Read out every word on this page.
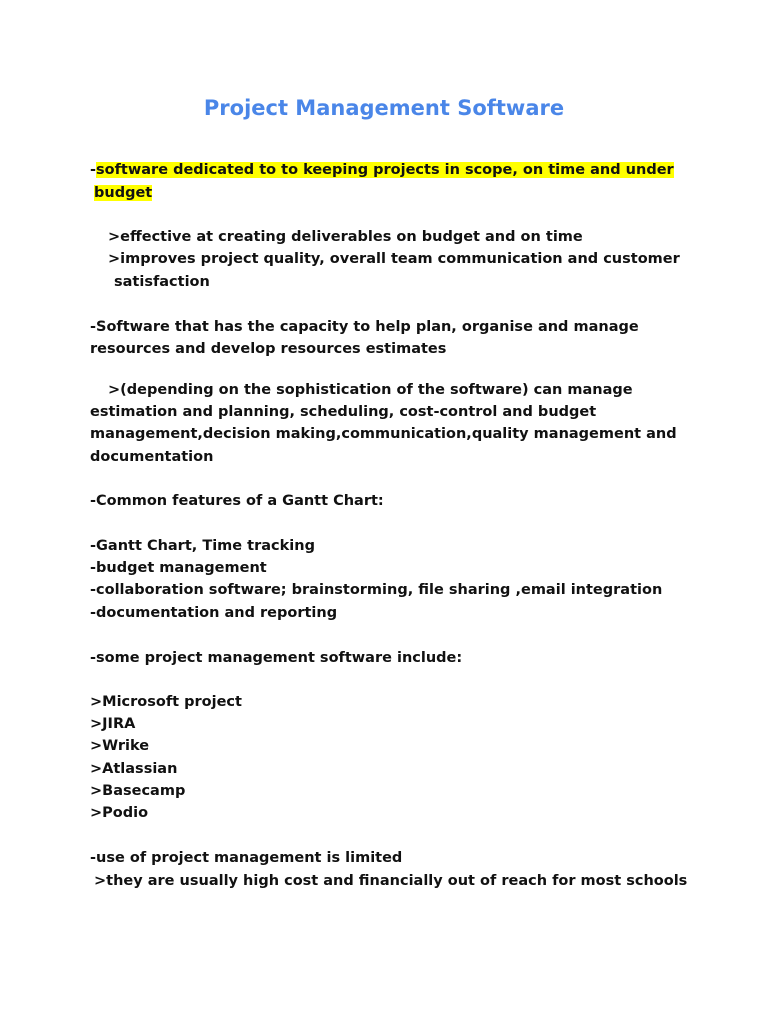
Project Management Software
-software dedicated to to keeping projects in scope, on time and under
budget
>effective at creating deliverables on budget and on time
>improves project quality, overall team communication and customer
satisfaction
-Software that has the capacity to help plan, organise and manage
resources and develop resources estimates
>(depending on the sophistication of the software) can manage
estimation and planning, scheduling, cost-control and budget
management,decision making,communication,quality management and
documentation
-Common features of a Gantt Chart:
-Gantt Chart, Time tracking
-budget management
-collaboration software; brainstorming, file sharing ,email integration
-documentation and reporting
-some project management software include:
>Microsoft project
>JIRA
>Wrike
>Atlassian
>Basecamp
>Podio
-use of project management is limited
>they are usually high cost and financially out of reach for most schools
